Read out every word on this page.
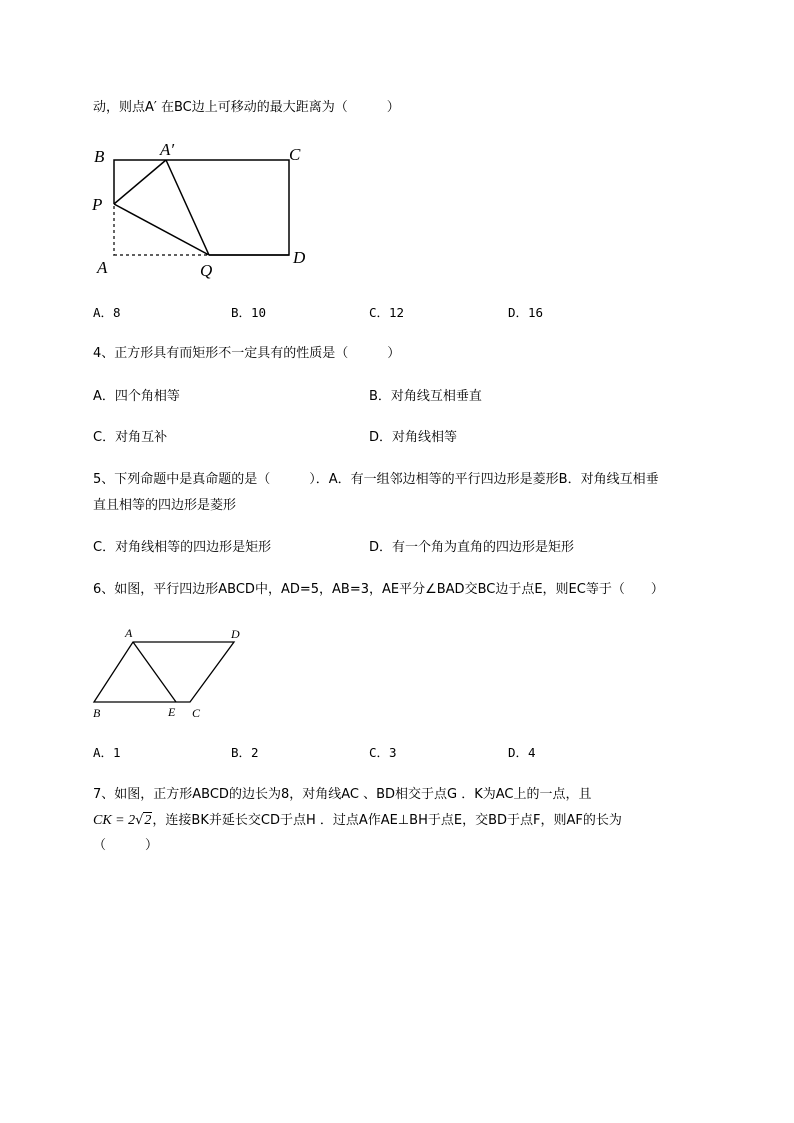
动，则点A′ 在BC边上可移动的最大距离为（　　　）
B	A′	C
P
A	Q
D
A．8	B．10	C．12	D．16
4、正方形具有而矩形不一定具有的性质是（　　　）
A．四个角相等	B．对角线互相垂直
C．对角互补	D．对角线相等
5、下列命题中是真命题的是（　　　）．A．有一组邻边相等的平行四边形是菱形B．对角线互相垂
直且相等的四边形是菱形
C．对角线相等的四边形是矩形	D．有一个角为直角的四边形是矩形
6、如图，平行四边形ABCD中，AD=5，AB=3，AE平分∠BAD交BC边于点E，则EC等于（　　）
A	D
B	E C
A．1	B．2	C．3	D．4
7、如图，正方形ABCD的边长为8，对角线AC 、BD相交于点G ．K为AC上的一点，且
CK = 2√2，连接BK并延长交CD于点H ．过点A作AE⊥BH于点E，交BD于点F，则AF的长为
（　　　）
